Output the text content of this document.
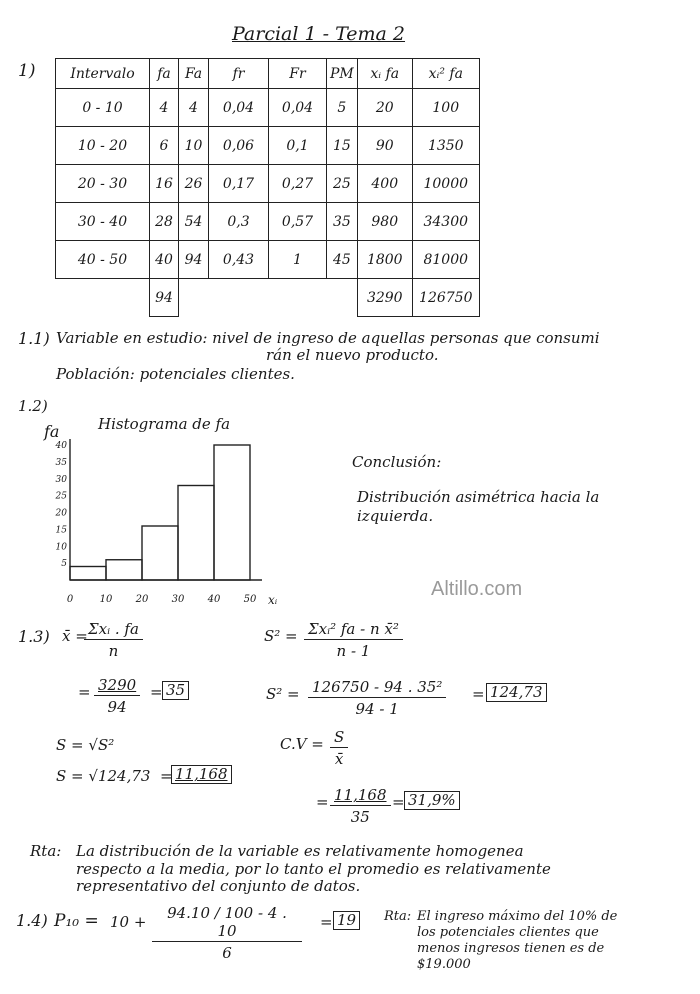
Parcial 1 - Tema 2
1) Intervalo	fa	Fa	fr	Fr	PM	xᵢ fa	xᵢ² fa
0 - 10	4	4	0,04	0,04	5	20	100
10 - 20	6	10	0,06	0,1	15	90	1350
20 - 30	16	26	0,17	0,27	25	400	10000
30 - 40	28	54	0,3	0,57	35	980	34300
40 - 50	40	94	0,43	1	45	1800	81000
	94					3290	126750
1.1) Variable en estudio: nivel de ingreso de aquellas personas que consumi
rán el nuevo producto.
Población: potenciales clientes.
1.2)
Histograma de fa
fa
5
10
15
20
25
30
35
40
0	10 20 30 40 50 xᵢ
Conclusión:
Distribución asimétrica hacia la
izquierda.
Altillo.com
1.3) x̄ = Σxᵢ . fa
n
= $\frac{3290}{94} = 35$
S² = Σxᵢ² fa - n x̄²
n - 1
$S^2 = \frac{\text{126750 - 94 . 35²}}{94 - 1} = 124,73$
S = √S²
S = √124,73 = 11,168
$C.V = \frac{S}{x̄}$
= $\frac{11,168}{35} = 31,9\%$
Rta: La distribución de la variable es relativamente homogenea
respecto a la media, por lo tanto el promedio es relativamente
representativo del conjunto de datos.
1.4) $P_{10} = 10 + \frac{94.10 / 100 - 4 . 10}{6} = 19$	Rta: El ingreso máximo del 10% de
los potenciales clientes que
menos ingresos tienen es de
$19.000
